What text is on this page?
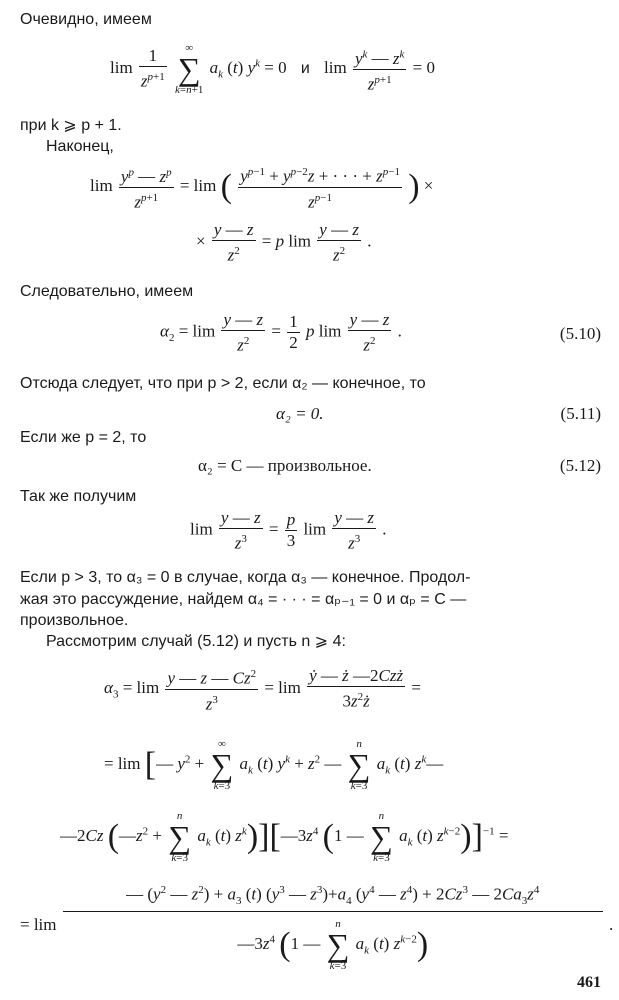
Очевидно, имеем
$\lim \frac{1}{z^{p+1}}$
	∞
∑
k=n+1
$a_k$ (t) $y^k = 0$ и $\lim \frac{y^k — z^k}{z^{p+1}} = 0$
при k ⩾ p + 1.
Наконец,
$\lim \frac{y^p — z^p}{z^{p+1}} = \lim$ ( $\frac{y^{p-1} + y^{p-2}z + \cdot \cdot \cdot + z^{p-1}}{z^{p-1}}$ ) ×
× $\frac{y — z}{z^2} = p$ $\lim \frac{y — z}{z^2}$ .
Следовательно, имеем
$\alpha_2 = \lim \frac{y — z}{z^2} = \frac{1}{2}$ p $\lim \frac{y — z}{z^2}$ .	(5.10)
Отсюда следует, что при p > 2, если α₂ — конечное, то
α₂ = 0.	(5.11)
Если же p = 2, то
α₂ = C — произвольное.	(5.12)
Так же получим
$\lim \frac{y — z}{z^3} = \frac{p}{3}$ $\lim \frac{y — z}{z^3}$ .
Если p > 3, то α₃ = 0 в случае, когда α₃ — конечное. Продол-
жая это рассуждение, найдем α₄ = · · · = αₚ₋₁ = 0 и αₚ = C —
произвольное.
Рассмотрим случай (5.12) и пусть n ⩾ 4:
$\alpha_3 = \lim \frac{y — z — Cz^2}{z^3} = \lim \frac{\text{ẏ — ż —2Czż}}{3z^2ż}$ =
= lim [— $y^2$ +
∞
∑
k=3
$a_k$ (t) $y^k + z^2$ —
n
∑
k=3
$a_k$ (t) $z^k—$
—2Cz ($—z^2$ +
n
∑
k=3
$a_k$ (t) $z^k)][—3z^4$ (1 —
n
∑
k=3
$a_k$ (t) $z^{k-2})]^{-1}$ =
= lim — ($y^2$ — $z^2) + a_3$ (t) ($y^3$ — $z^3)+a_4$ ($y^4$ — $z^4) + 2Cz^3$ — $2Ca_3z^4$
$—3z^4$ (1 —
n
∑
k=3
$a_k$ (t) $z^{k-2}$) .
461
